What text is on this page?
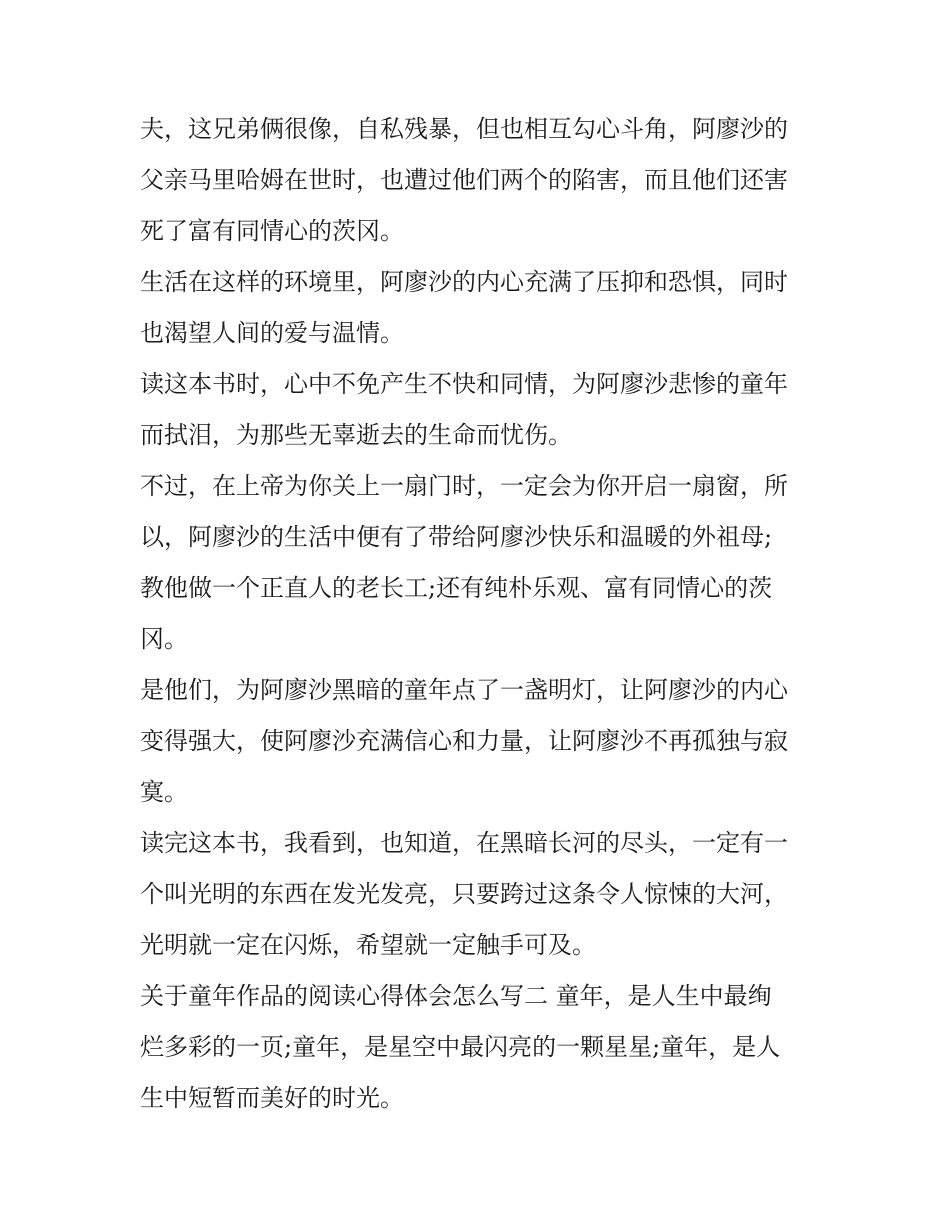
夫，这兄弟俩很像，自私残暴，但也相互勾心斗角，阿廖沙的
父亲马里哈姆在世时，也遭过他们两个的陷害，而且他们还害
死了富有同情心的茨冈。
生活在这样的环境里，阿廖沙的内心充满了压抑和恐惧，同时
也渴望人间的爱与温情。
读这本书时，心中不免产生不快和同情，为阿廖沙悲惨的童年
而拭泪，为那些无辜逝去的生命而忧伤。
不过，在上帝为你关上一扇门时，一定会为你开启一扇窗，所
以，阿廖沙的生活中便有了带给阿廖沙快乐和温暖的外祖母;
教他做一个正直人的老长工;还有纯朴乐观、富有同情心的茨
冈。
是他们，为阿廖沙黑暗的童年点了一盏明灯，让阿廖沙的内心
变得强大，使阿廖沙充满信心和力量，让阿廖沙不再孤独与寂
寞。
读完这本书，我看到，也知道，在黑暗长河的尽头，一定有一
个叫光明的东西在发光发亮，只要跨过这条令人惊悚的大河，
光明就一定在闪烁，希望就一定触手可及。
关于童年作品的阅读心得体会怎么写二 童年，是人生中最绚
烂多彩的一页;童年，是星空中最闪亮的一颗星星;童年，是人
生中短暂而美好的时光。
